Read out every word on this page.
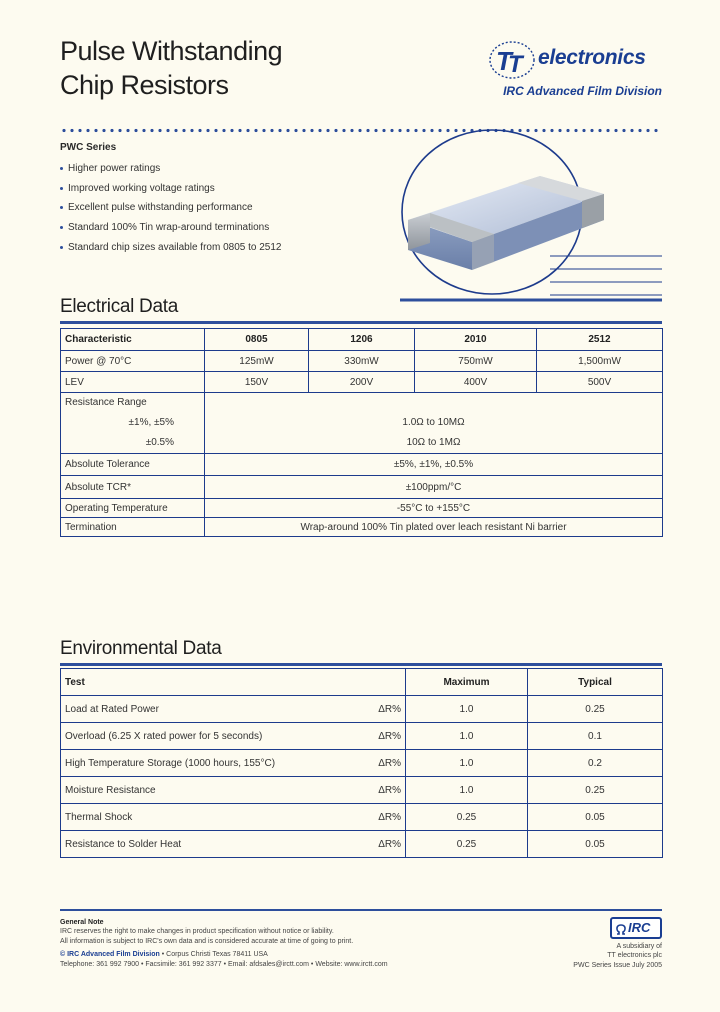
Pulse Withstanding
Chip Resistors
T
T electronics
IRC Advanced Film Division
PWC Series
Higher power ratings
Improved working voltage ratings
Excellent pulse withstanding performance
Standard 100% Tin wrap-around terminations
Standard chip sizes available from 0805 to 2512
Electrical Data
Characteristic	0805	1206	2010	2512
Power @ 70°C	125mW	330mW	750mW	1,500mW
LEV	150V	200V	400V	500V
Resistance Range				
±1%, ±5%	1.0Ω to 10MΩ			
±0.5%	10Ω to 1MΩ			
Absolute Tolerance	±5%, ±1%, ±0.5%			
Absolute TCR*	±100ppm/°C			
Operating Temperature	-55°C to +155°C			
Termination	Wrap-around 100% Tin plated over leach resistant Ni barrier			
Environmental Data
Test	Maximum	Typical
Load at Rated Power ΔR%	1.0	0.25
Overload (6.25 X rated power for 5 seconds) ΔR%	1.0	0.1
High Temperature Storage (1000 hours, 155°C) ΔR%	1.0	0.2
Moisture Resistance ΔR%	1.0	0.25
Thermal Shock ΔR%	0.25	0.05
Resistance to Solder Heat ΔR%	0.25	0.05
General Note
IRC reserves the right to make changes in product specification without notice or liability.
All information is subject to IRC's own data and is considered accurate at time of going to print.
© IRC Advanced Film Division • Corpus Christi Texas 78411 USA
Telephone: 361 992 7900 • Facsimile: 361 992 3377 • Email: afdsales@irctt.com • Website: www.irctt.com
IRC
A subsidiary of
TT electronics plc
PWC Series Issue July 2005
